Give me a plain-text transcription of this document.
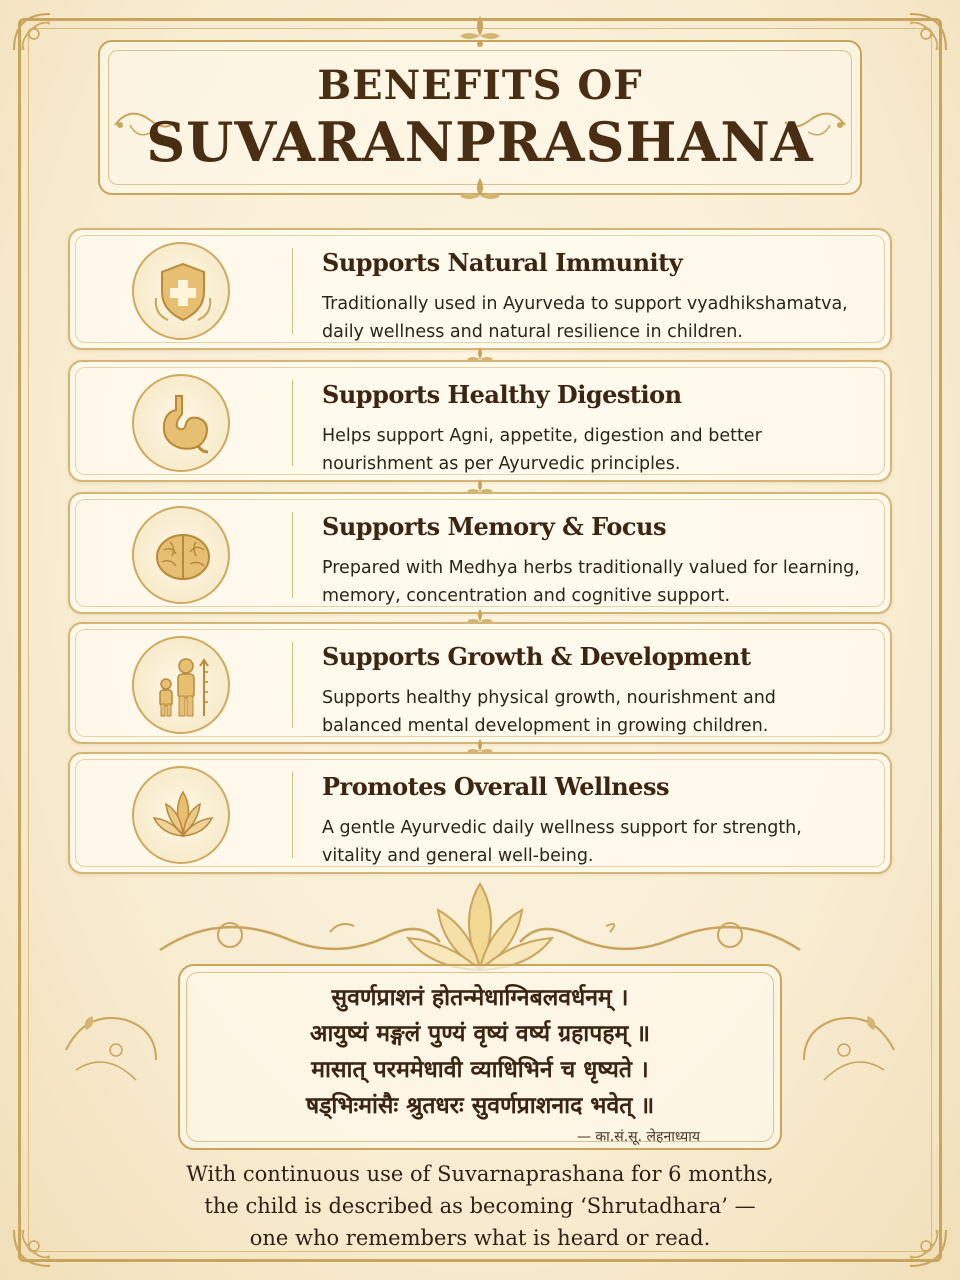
BENEFITS OF
SUVARANPRASHANA
Supports Natural Immunity
Traditionally used in Ayurveda to support vyadhikshamatva,
daily wellness and natural resilience in children.
Supports Healthy Digestion
Helps support Agni, appetite, digestion and better
nourishment as per Ayurvedic principles.
Supports Memory & Focus
Prepared with Medhya herbs traditionally valued for learning,
memory, concentration and cognitive support.
Supports Growth & Development
Supports healthy physical growth, nourishment and
balanced mental development in growing children.
Promotes Overall Wellness
A gentle Ayurvedic daily wellness support for strength,
vitality and general well-being.
सुवर्णप्राशनं होतन्मेधाग्निबलवर्धनम् ।
आयुष्यं मङ्गलं पुण्यं वृष्यं वर्ष्य ग्रहापहम् ॥
मासात् परममेधावी व्याधिभिर्न च धृष्यते ।
षड्भिःमांसैः श्रुतधरः सुवर्णप्राशनाद भवेत् ॥
— का.सं.सू. लेहनाध्याय
With continuous use of Suvarnaprashana for 6 months,
the child is described as becoming ‘Shrutadhara’ —
one who remembers what is heard or read.
